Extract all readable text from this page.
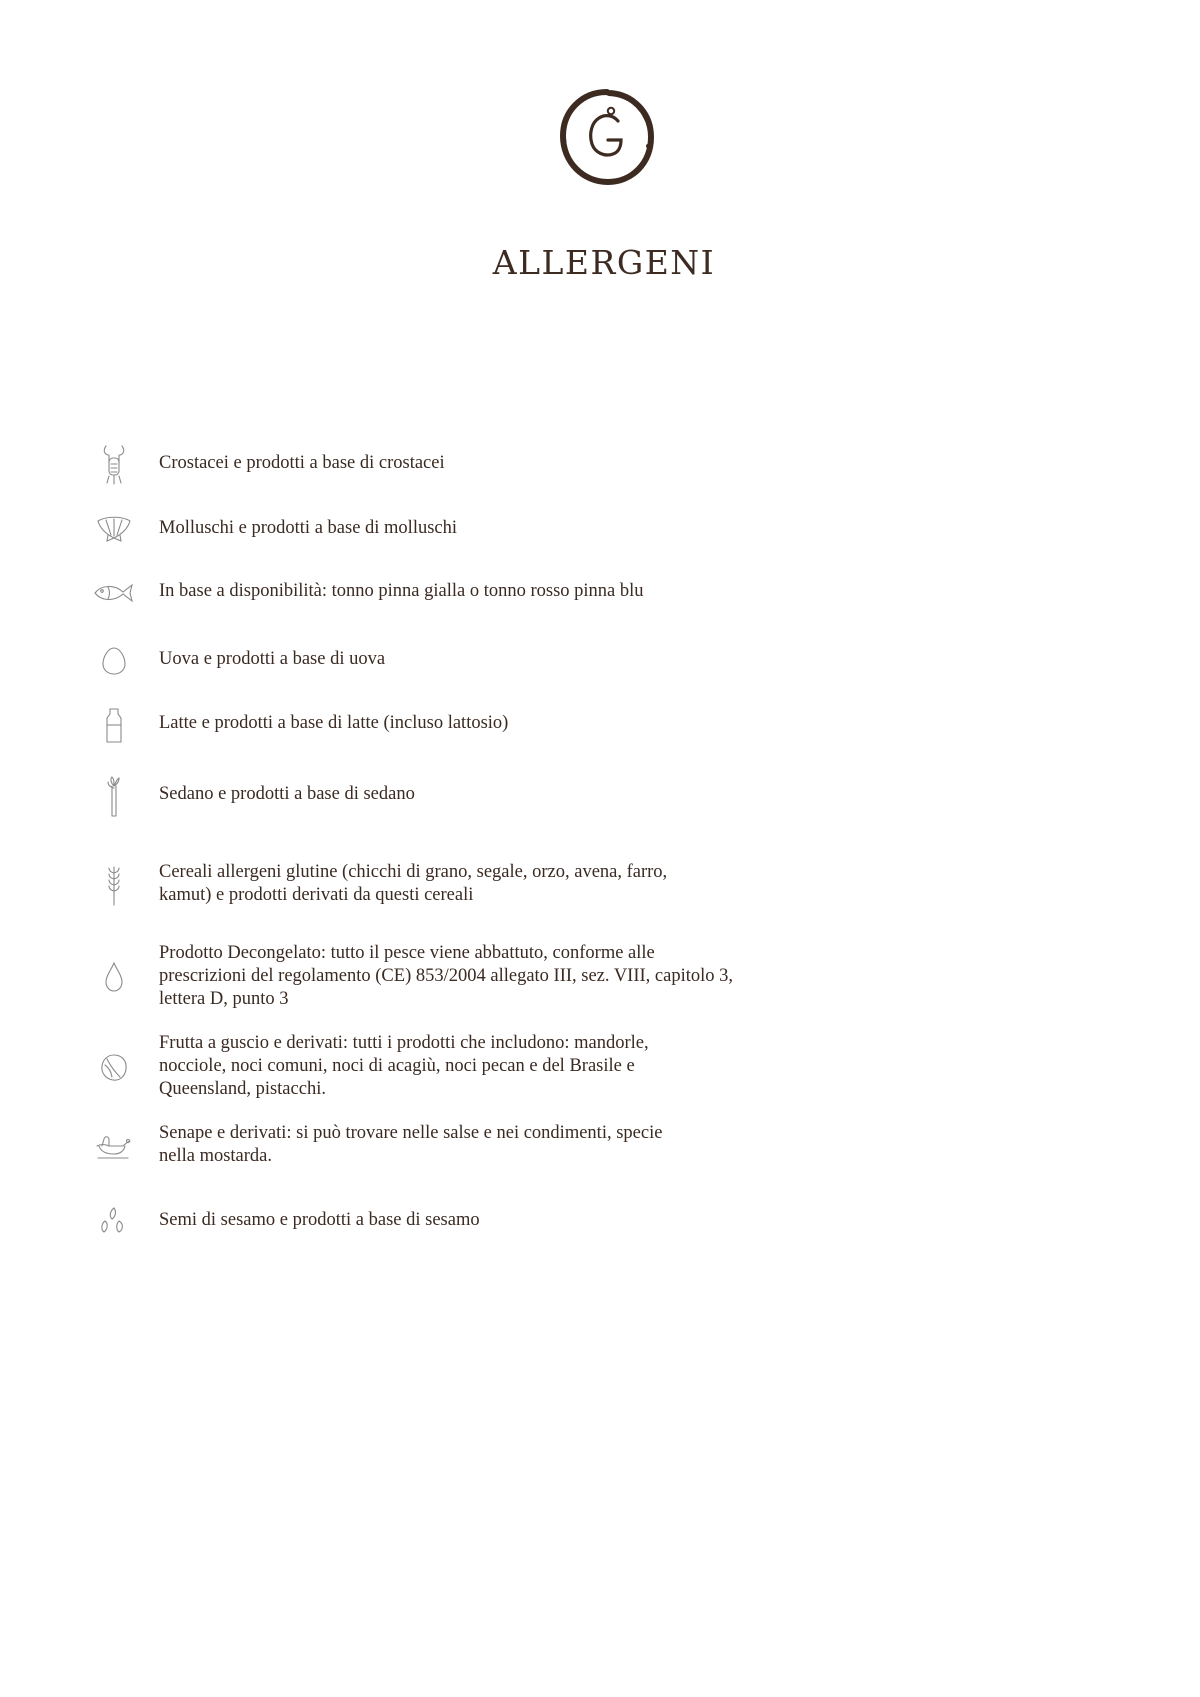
ALLERGENI
Crostacei e prodotti a base di crostacei
Molluschi e prodotti a base di molluschi
In base a disponibilità: tonno pinna gialla o tonno rosso pinna blu
Uova e prodotti a base di uova
Latte e prodotti a base di latte (incluso lattosio)
Sedano e prodotti a base di sedano
Cereali allergeni glutine (chicchi di grano, segale, orzo, avena, farro,
kamut) e prodotti derivati da questi cereali
Prodotto Decongelato: tutto il pesce viene abbattuto, conforme alle
prescrizioni del regolamento (CE) 853/2004 allegato III, sez. VIII, capitolo 3,
lettera D, punto 3
Frutta a guscio e derivati: tutti i prodotti che includono: mandorle,
nocciole, noci comuni, noci di acagiù, noci pecan e del Brasile e
Queensland, pistacchi.
Senape e derivati: si può trovare nelle salse e nei condimenti, specie
nella mostarda.
Semi di sesamo e prodotti a base di sesamo
